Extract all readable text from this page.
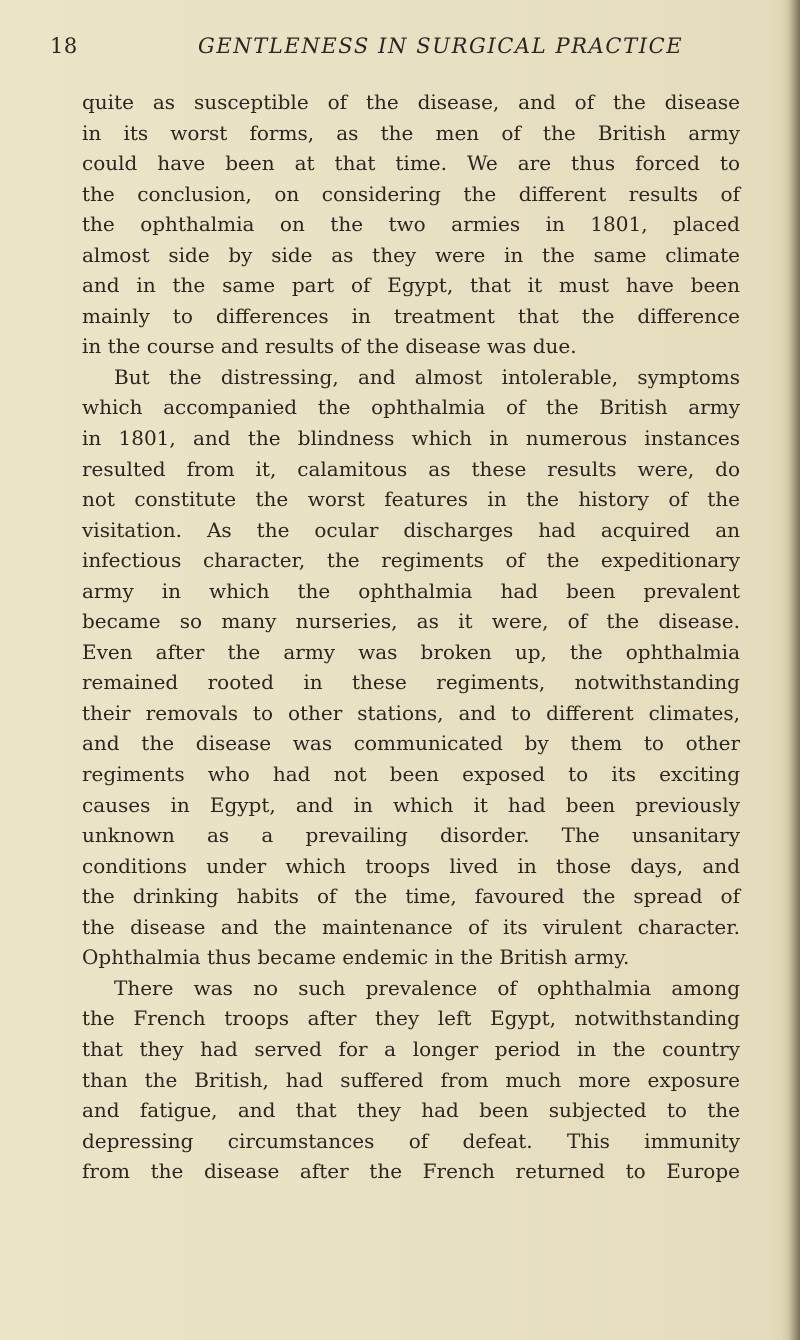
18	GENTLENESS IN SURGICAL PRACTICE
quite as susceptible of the disease, and of the disease
in its worst forms, as the men of the British army
could have been at that time. We are thus forced to
the conclusion, on considering the different results of
the ophthalmia on the two armies in 1801, placed
almost side by side as they were in the same climate
and in the same part of Egypt, that it must have been
mainly to differences in treatment that the difference
in the course and results of the disease was due.
But the distressing, and almost intolerable, symptoms
which accompanied the ophthalmia of the British army
in 1801, and the blindness which in numerous instances
resulted from it, calamitous as these results were, do
not constitute the worst features in the history of the
visitation. As the ocular discharges had acquired an
infectious character, the regiments of the expeditionary
army in which the ophthalmia had been prevalent
became so many nurseries, as it were, of the disease.
Even after the army was broken up, the ophthalmia
remained rooted in these regiments, notwithstanding
their removals to other stations, and to different climates,
and the disease was communicated by them to other
regiments who had not been exposed to its exciting
causes in Egypt, and in which it had been previously
unknown as a prevailing disorder. The unsanitary
conditions under which troops lived in those days, and
the drinking habits of the time, favoured the spread of
the disease and the maintenance of its virulent character.
Ophthalmia thus became endemic in the British army.
There was no such prevalence of ophthalmia among
the French troops after they left Egypt, notwithstanding
that they had served for a longer period in the country
than the British, had suffered from much more exposure
and fatigue, and that they had been subjected to the
depressing circumstances of defeat. This immunity
from the disease after the French returned to Europe
